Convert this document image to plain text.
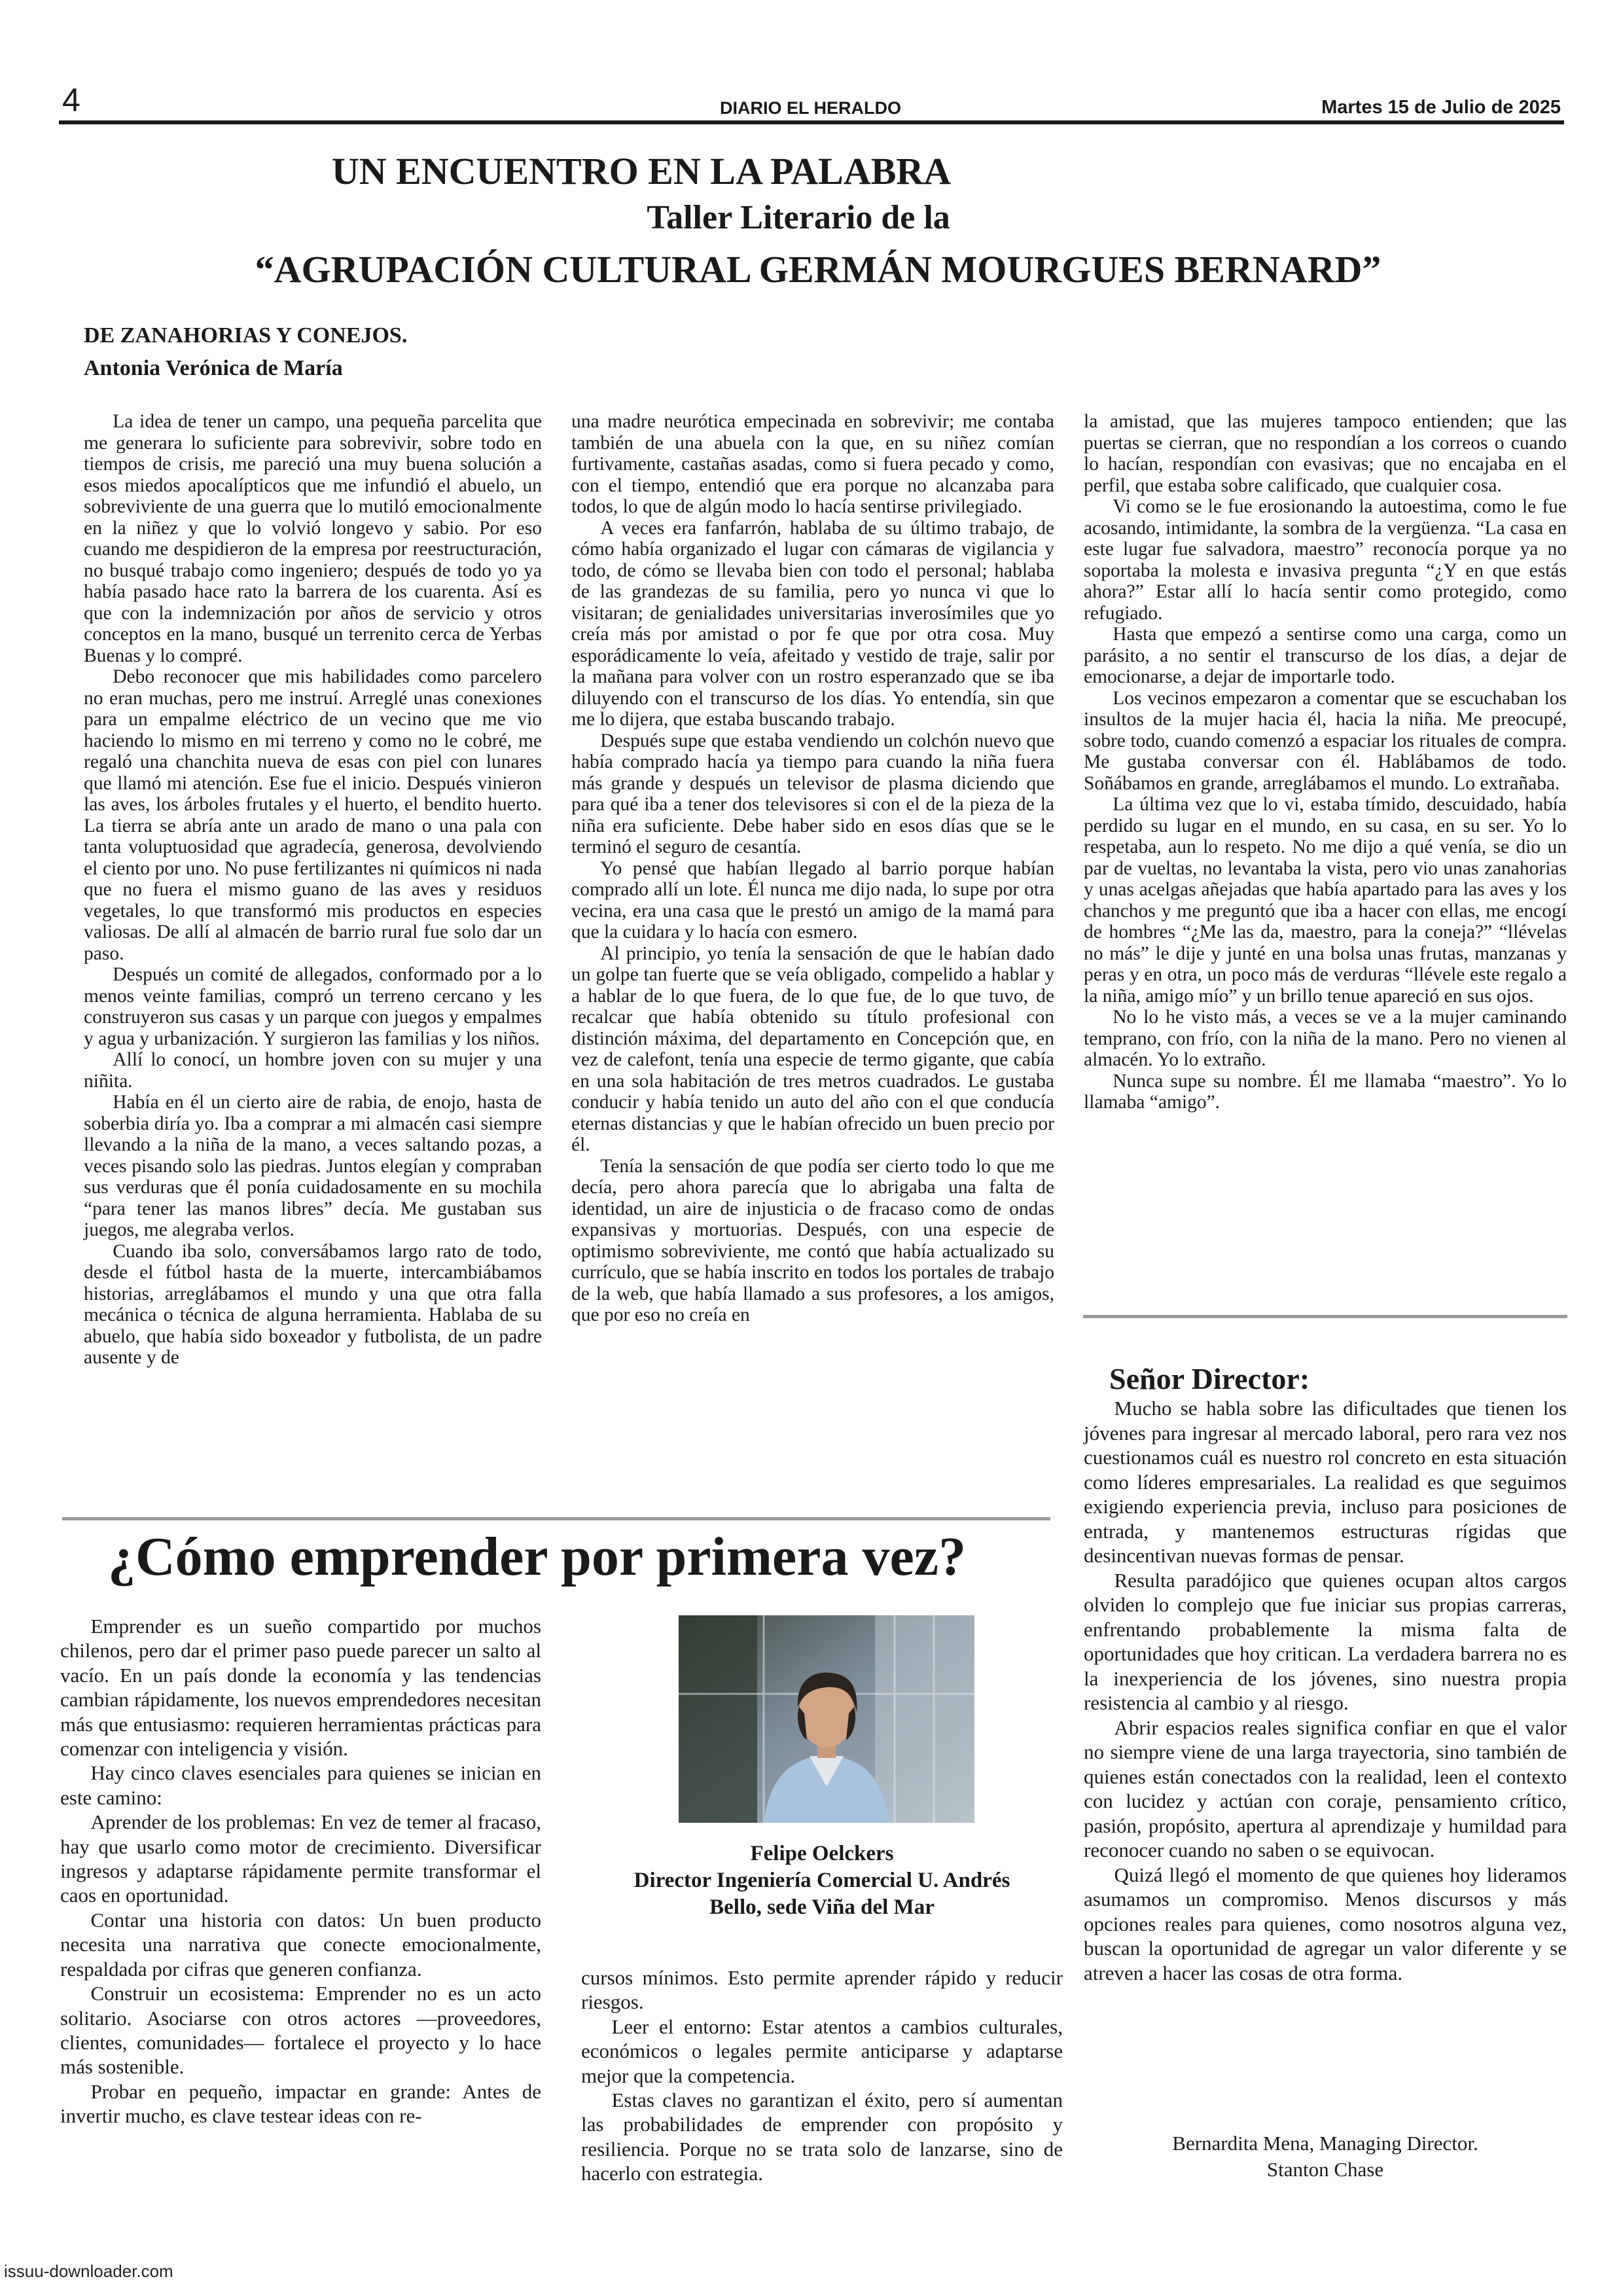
4	DIARIO EL HERALDO	Martes 15 de Julio de 2025
UN ENCUENTRO EN LA PALABRA
Taller Literario de la
“AGRUPACIÓN CULTURAL GERMÁN MOURGUES BERNARD”
DE ZANAHORIAS Y CONEJOS.
Antonia Verónica de María

La idea de tener un campo, una pequeña parcelita que me generara lo suficiente para sobrevivir, sobre todo en tiempos de crisis, me pareció una muy buena solución a esos miedos apocalípticos que me infundió el abuelo, un sobreviviente de una guerra que lo mutiló emocionalmente en la niñez y que lo volvió longevo y sabio. Por eso cuando me despidieron de la empresa por reestructuración, no busqué trabajo como ingeniero; después de todo yo ya había pasado hace rato la barrera de los cuarenta. Así es que con la indemnización por años de servicio y otros conceptos en la mano, busqué un terrenito cerca de Yerbas Buenas y lo compré.

Debo reconocer que mis habilidades como parcelero no eran muchas, pero me instruí. Arreglé unas conexiones para un empalme eléctrico de un vecino que me vio haciendo lo mismo en mi terreno y como no le cobré, me regaló una chanchita nueva de esas con piel con lunares que llamó mi atención. Ese fue el inicio. Después vinieron las aves, los árboles frutales y el huerto, el bendito huerto. La tierra se abría ante un arado de mano o una pala con tanta voluptuosidad que agradecía, generosa, devolviendo el ciento por uno. No puse fertilizantes ni químicos ni nada que no fuera el mismo guano de las aves y residuos vegetales, lo que transformó mis productos en especies valiosas. De allí al almacén de barrio rural fue solo dar un paso.

Después un comité de allegados, conformado por a lo menos veinte familias, compró un terreno cercano y les construyeron sus casas y un parque con juegos y empalmes y agua y urbanización. Y surgieron las familias y los niños.

Allí lo conocí, un hombre joven con su mujer y una niñita.

Había en él un cierto aire de rabia, de enojo, hasta de soberbia diría yo. Iba a comprar a mi almacén casi siempre llevando a la niña de la mano, a veces saltando pozas, a veces pisando solo las piedras. Juntos elegían y compraban sus verduras que él ponía cuidadosamente en su mochila “para tener las manos libres” decía. Me gustaban sus juegos, me alegraba verlos.

Cuando iba solo, conversábamos largo rato de todo, desde el fútbol hasta de la muerte, intercambiábamos historias, arreglábamos el mundo y una que otra falla mecánica o técnica de alguna herramienta. Hablaba de su abuelo, que había sido boxeador y futbolista, de un padre ausente y de

una madre neurótica empecinada en sobrevivir; me contaba también de una abuela con la que, en su niñez comían furtivamente, castañas asadas, como si fuera pecado y como, con el tiempo, entendió que era porque no alcanzaba para todos, lo que de algún modo lo hacía sentirse privilegiado.

A veces era fanfarrón, hablaba de su último trabajo, de cómo había organizado el lugar con cámaras de vigilancia y todo, de cómo se llevaba bien con todo el personal; hablaba de las grandezas de su familia, pero yo nunca vi que lo visitaran; de genialidades universitarias inverosímiles que yo creía más por amistad o por fe que por otra cosa. Muy esporádicamente lo veía, afeitado y vestido de traje, salir por la mañana para volver con un rostro esperanzado que se iba diluyendo con el transcurso de los días. Yo entendía, sin que me lo dijera, que estaba buscando trabajo.

Después supe que estaba vendiendo un colchón nuevo que había comprado hacía ya tiempo para cuando la niña fuera más grande y después un televisor de plasma diciendo que para qué iba a tener dos televisores si con el de la pieza de la niña era suficiente. Debe haber sido en esos días que se le terminó el seguro de cesantía.

Yo pensé que habían llegado al barrio porque habían comprado allí un lote. Él nunca me dijo nada, lo supe por otra vecina, era una casa que le prestó un amigo de la mamá para que la cuidara y lo hacía con esmero.

Al principio, yo tenía la sensación de que le habían dado un golpe tan fuerte que se veía obligado, compelido a hablar y a hablar de lo que fuera, de lo que fue, de lo que tuvo, de recalcar que había obtenido su título profesional con distinción máxima, del departamento en Concepción que, en vez de calefont, tenía una especie de termo gigante, que cabía en una sola habitación de tres metros cuadrados. Le gustaba conducir y había tenido un auto del año con el que conducía eternas distancias y que le habían ofrecido un buen precio por él.

Tenía la sensación de que podía ser cierto todo lo que me decía, pero ahora parecía que lo abrigaba una falta de identidad, un aire de injusticia o de fracaso como de ondas expansivas y mortuorias. Después, con una especie de optimismo sobreviviente, me contó que había actualizado su currículo, que se había inscrito en todos los portales de trabajo de la web, que había llamado a sus profesores, a los amigos, que por eso no creía en

la amistad, que las mujeres tampoco entienden; que las puertas se cierran, que no respondían a los correos o cuando lo hacían, respondían con evasivas; que no encajaba en el perfil, que estaba sobre calificado, que cualquier cosa.

Vi como se le fue erosionando la autoestima, como le fue acosando, intimidante, la sombra de la vergüenza. “La casa en este lugar fue salvadora, maestro” reconocía porque ya no soportaba la molesta e invasiva pregunta “¿Y en que estás ahora?” Estar allí lo hacía sentir como protegido, como refugiado.

Hasta que empezó a sentirse como una carga, como un parásito, a no sentir el transcurso de los días, a dejar de emocionarse, a dejar de importarle todo.

Los vecinos empezaron a comentar que se escuchaban los insultos de la mujer hacia él, hacia la niña. Me preocupé, sobre todo, cuando comenzó a espaciar los rituales de compra. Me gustaba conversar con él. Hablábamos de todo. Soñábamos en grande, arreglábamos el mundo. Lo extrañaba.

La última vez que lo vi, estaba tímido, descuidado, había perdido su lugar en el mundo, en su casa, en su ser. Yo lo respetaba, aun lo respeto. No me dijo a qué venía, se dio un par de vueltas, no levantaba la vista, pero vio unas zanahorias y unas acelgas añejadas que había apartado para las aves y los chanchos y me preguntó que iba a hacer con ellas, me encogí de hombres “¿Me las da, maestro, para la coneja?” “llévelas no más” le dije y junté en una bolsa unas frutas, manzanas y peras y en otra, un poco más de verduras “llévele este regalo a la niña, amigo mío” y un brillo tenue apareció en sus ojos.

No lo he visto más, a veces se ve a la mujer caminando temprano, con frío, con la niña de la mano. Pero no vienen al almacén. Yo lo extraño.

Nunca supe su nombre. Él me llamaba “maestro”. Yo lo llamaba “amigo”.

Señor Director:

Mucho se habla sobre las dificultades que tienen los jóvenes para ingresar al mercado laboral, pero rara vez nos cuestionamos cuál es nuestro rol concreto en esta situación como líderes empresariales. La realidad es que seguimos exigiendo experiencia previa, incluso para posiciones de entrada, y mantenemos estructuras rígidas que desincentivan nuevas formas de pensar.

Resulta paradójico que quienes ocupan altos cargos olviden lo complejo que fue iniciar sus propias carreras, enfrentando probablemente la misma falta de oportunidades que hoy critican. La verdadera barrera no es la inexperiencia de los jóvenes, sino nuestra propia resistencia al cambio y al riesgo.

Abrir espacios reales significa confiar en que el valor no siempre viene de una larga trayectoria, sino también de quienes están conectados con la realidad, leen el contexto con lucidez y actúan con coraje, pensamiento crítico, pasión, propósito, apertura al aprendizaje y humildad para reconocer cuando no saben o se equivocan.

Quizá llegó el momento de que quienes hoy lideramos asumamos un compromiso. Menos discursos y más opciones reales para quienes, como nosotros alguna vez, buscan la oportunidad de agregar un valor diferente y se atreven a hacer las cosas de otra forma.

Bernardita Mena, Managing Director.
Stanton Chase
¿Cómo emprender por primera vez?

Emprender es un sueño compartido por muchos chilenos, pero dar el primer paso puede parecer un salto al vacío. En un país donde la economía y las tendencias cambian rápidamente, los nuevos emprendedores necesitan más que entusiasmo: requieren herramientas prácticas para comenzar con inteligencia y visión.

Hay cinco claves esenciales para quienes se inician en este camino:

Aprender de los problemas: En vez de temer al fracaso, hay que usarlo como motor de crecimiento. Diversificar ingresos y adaptarse rápidamente permite transformar el caos en oportunidad.

Contar una historia con datos: Un buen producto necesita una narrativa que conecte emocionalmente, respaldada por cifras que generen confianza.

Construir un ecosistema: Emprender no es un acto solitario. Asociarse con otros actores —proveedores, clientes, comunidades— fortalece el proyecto y lo hace más sostenible.

Probar en pequeño, impactar en grande: Antes de invertir mucho, es clave testear ideas con re-

Felipe Oelckers
Director Ingeniería Comercial U. Andrés
Bello, sede Viña del Mar

cursos mínimos. Esto permite aprender rápido y reducir riesgos.

Leer el entorno: Estar atentos a cambios culturales, económicos o legales permite anticiparse y adaptarse mejor que la competencia.

Estas claves no garantizan el éxito, pero sí aumentan las probabilidades de emprender con propósito y resiliencia. Porque no se trata solo de lanzarse, sino de hacerlo con estrategia.

issuu-downloader.com
